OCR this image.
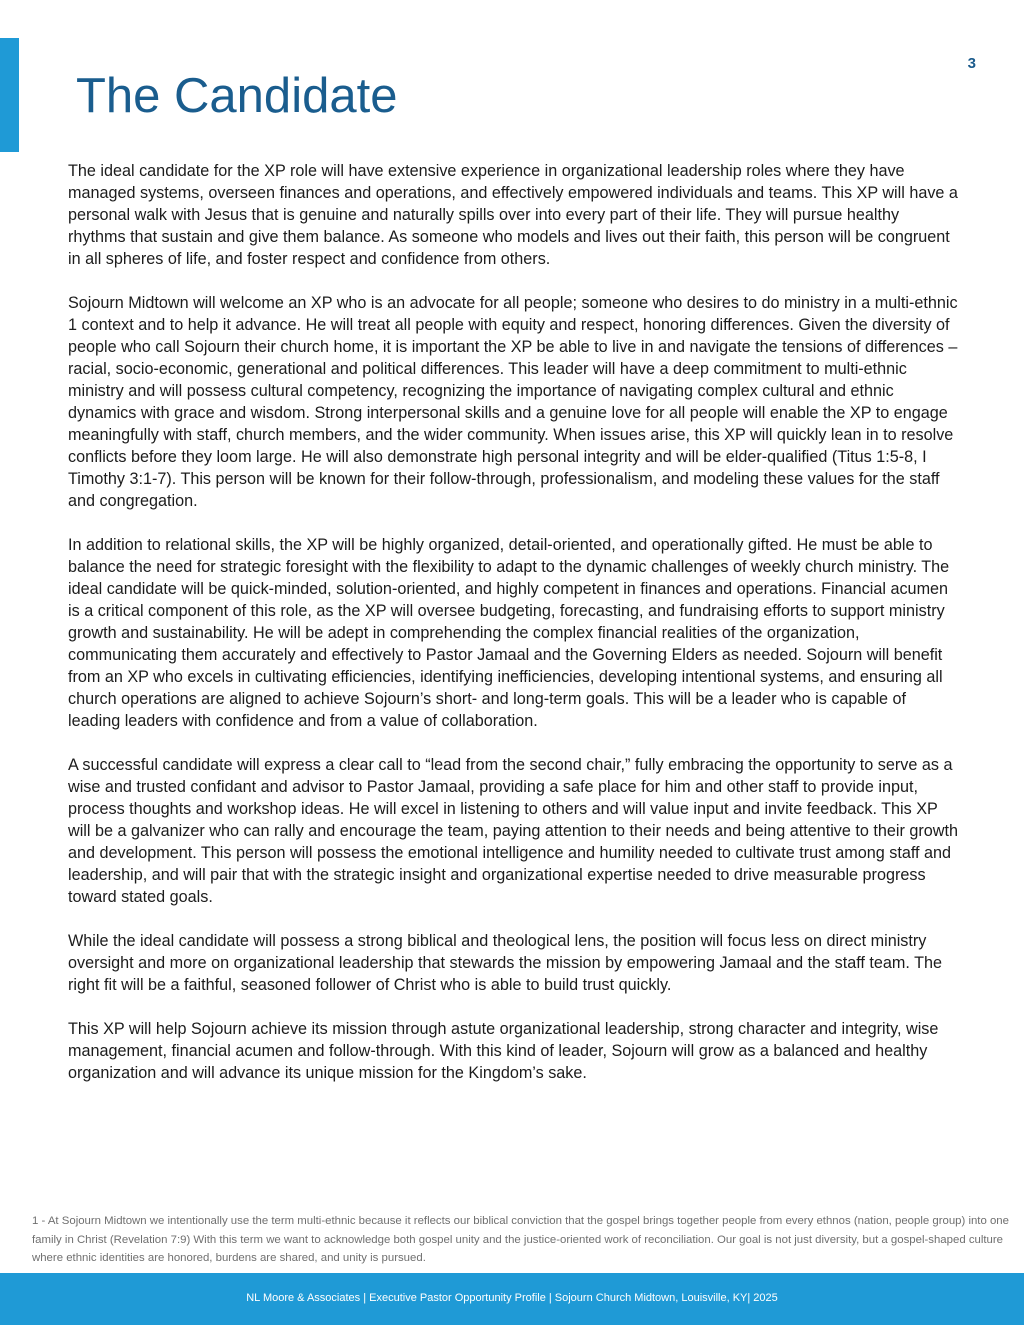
3
The Candidate

The ideal candidate for the XP role will have extensive experience in organizational leadership roles where they have managed systems, overseen finances and operations, and effectively empowered individuals and teams. This XP will have a personal walk with Jesus that is genuine and naturally spills over into every part of their life. They will pursue healthy rhythms that sustain and give them balance. As someone who models and lives out their faith, this person will be congruent in all spheres of life, and foster respect and confidence from others.

Sojourn Midtown will welcome an XP who is an advocate for all people; someone who desires to do ministry in a multi-ethnic 1 context and to help it advance. He will treat all people with equity and respect, honoring differences. Given the diversity of people who call Sojourn their church home, it is important the XP be able to live in and navigate the tensions of differences – racial, socio-economic, generational and political differences. This leader will have a deep commitment to multi-ethnic ministry and will possess cultural competency, recognizing the importance of navigating complex cultural and ethnic dynamics with grace and wisdom. Strong interpersonal skills and a genuine love for all people will enable the XP to engage meaningfully with staff, church members, and the wider community. When issues arise, this XP will quickly lean in to resolve conflicts before they loom large. He will also demonstrate high personal integrity and will be elder-qualified (Titus 1:5-8, I Timothy 3:1-7). This person will be known for their follow-through, professionalism, and modeling these values for the staff and congregation.

In addition to relational skills, the XP will be highly organized, detail-oriented, and operationally gifted. He must be able to balance the need for strategic foresight with the flexibility to adapt to the dynamic challenges of weekly church ministry. The ideal candidate will be quick-minded, solution-oriented, and highly competent in finances and operations. Financial acumen is a critical component of this role, as the XP will oversee budgeting, forecasting, and fundraising efforts to support ministry growth and sustainability. He will be adept in comprehending the complex financial realities of the organization, communicating them accurately and effectively to Pastor Jamaal and the Governing Elders as needed. Sojourn will benefit from an XP who excels in cultivating efficiencies, identifying inefficiencies, developing intentional systems, and ensuring all church operations are aligned to achieve Sojourn’s short- and long-term goals. This will be a leader who is capable of leading leaders with confidence and from a value of collaboration.

A successful candidate will express a clear call to “lead from the second chair,” fully embracing the opportunity to serve as a wise and trusted confidant and advisor to Pastor Jamaal, providing a safe place for him and other staff to provide input, process thoughts and workshop ideas. He will excel in listening to others and will value input and invite feedback. This XP will be a galvanizer who can rally and encourage the team, paying attention to their needs and being attentive to their growth and development. This person will possess the emotional intelligence and humility needed to cultivate trust among staff and leadership, and will pair that with the strategic insight and organizational expertise needed to drive measurable progress toward stated goals.

While the ideal candidate will possess a strong biblical and theological lens, the position will focus less on direct ministry oversight and more on organizational leadership that stewards the mission by empowering Jamaal and the staff team. The right fit will be a faithful, seasoned follower of Christ who is able to build trust quickly.

This XP will help Sojourn achieve its mission through astute organizational leadership, strong character and integrity, wise management, financial acumen and follow-through. With this kind of leader, Sojourn will grow as a balanced and healthy organization and will advance its unique mission for the Kingdom’s sake.

1 - At Sojourn Midtown we intentionally use the term multi-ethnic because it reflects our biblical conviction that the gospel brings together people from every ethnos (nation, people group) into one family in Christ (Revelation 7:9) With this term we want to acknowledge both gospel unity and the justice-oriented work of reconciliation. Our goal is not just diversity, but a gospel-shaped culture where ethnic identities are honored, burdens are shared, and unity is pursued.

NL Moore & Associates | Executive Pastor Opportunity Profile | Sojourn Church Midtown, Louisville, KY| 2025
